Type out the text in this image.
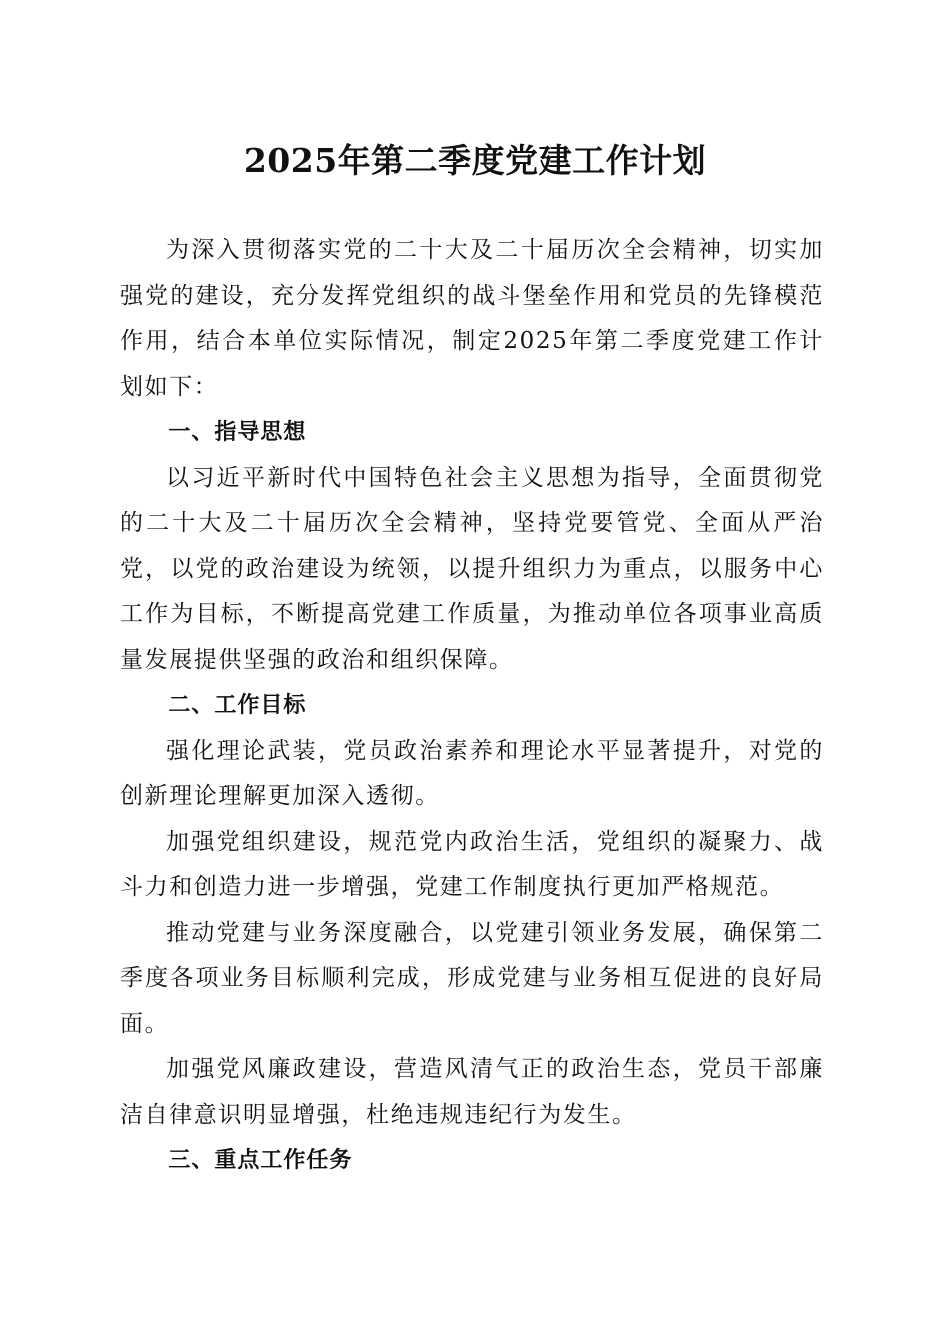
2025年第二季度党建工作计划

为深入贯彻落实党的二十大及二十届历次全会精神，切实加强党的建设，充分发挥党组织的战斗堡垒作用和党员的先锋模范作用，结合本单位实际情况，制定2025年第二季度党建工作计划如下：

一、指导思想

以习近平新时代中国特色社会主义思想为指导，全面贯彻党的二十大及二十届历次全会精神，坚持党要管党、全面从严治党，以党的政治建设为统领，以提升组织力为重点，以服务中心工作为目标，不断提高党建工作质量，为推动单位各项事业高质量发展提供坚强的政治和组织保障。

二、工作目标

强化理论武装，党员政治素养和理论水平显著提升，对党的创新理论理解更加深入透彻。

加强党组织建设，规范党内政治生活，党组织的凝聚力、战斗力和创造力进一步增强，党建工作制度执行更加严格规范。

推动党建与业务深度融合，以党建引领业务发展，确保第二季度各项业务目标顺利完成，形成党建与业务相互促进的良好局面。

加强党风廉政建设，营造风清气正的政治生态，党员干部廉洁自律意识明显增强，杜绝违规违纪行为发生。

三、重点工作任务
